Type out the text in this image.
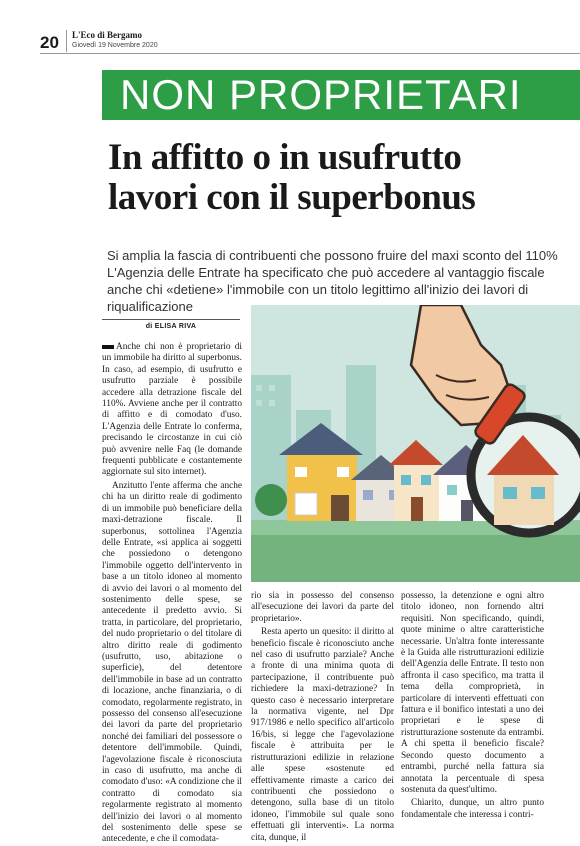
20 L'Eco di Bergamo
Giovedì 19 Novembre 2020
NON PROPRIETARI
In affitto o in usufrutto
lavori con il superbonus
Si amplia la fascia di contribuenti che possono fruire del maxi sconto del 110% L'Agenzia delle Entrate ha specificato che può accedere al vantaggio fiscale anche chi «detiene» l'immobile con un titolo legittimo all'inizio dei lavori di riqualificazione
di ELISA RIVA

Anche chi non è proprietario di un immobile ha diritto al superbonus. In caso, ad esempio, di usufrutto e usufrutto parziale è possibile accedere alla detrazione fiscale del 110%. Avviene anche per il contratto di affitto e di comodato d'uso. L'Agenzia delle Entrate lo conferma, precisando le circostanze in cui ciò può avvenire nelle Faq (le domande frequenti pubblicate e costantemente aggiornate sul sito internet).

Anzitutto l'ente afferma che anche chi ha un diritto reale di godimento di un immobile può beneficiare della maxi-detrazione fiscale. Il superbonus, sottolinea l'Agenzia delle Entrate, «si applica ai soggetti che possiedono o detengono l'immobile oggetto dell'intervento in base a un titolo idoneo al momento di avvio dei lavori o al momento del sostenimento delle spese, se antecedente il predetto avvio. Si tratta, in particolare, del proprietario, del nudo proprietario o del titolare di altro diritto reale di godimento (usufrutto, uso, abitazione o superficie), del detentore dell'immobile in base ad un contratto di locazione, anche finanziaria, o di comodato, regolarmente registrato, in possesso del consenso all'esecuzione dei lavori da parte del proprietario nonché dei familiari del possessore o detentore dell'immobile. Quindi, l'agevolazione fiscale è riconosciuta in caso di usufrutto, ma anche di comodato d'uso: «A condizione che il contratto di comodato sia regolarmente registrato al momento dell'inizio dei lavori o al momento del sostenimento delle spese se antecedente, e che il comodata-

rio sia in possesso del consenso all'esecuzione dei lavori da parte del proprietario».

Resta aperto un quesito: il diritto al beneficio fiscale è riconosciuto anche nel caso di usufrutto parziale? Anche a fronte di una minima quota di partecipazione, il contribuente può richiedere la maxi-detrazione? In questo caso è necessario interpretare la normativa vigente, nel Dpr 917/1986 e nello specifico all'articolo 16/bis, si legge che l'agevolazione fiscale è attribuita per le ristrutturazioni edilizie in relazione alle spese «sostenute ed effettivamente rimaste a carico dei contribuenti che possiedono o detengono, sulla base di un titolo idoneo, l'immobile sul quale sono effettuati gli interventi». La norma cita, dunque, il

possesso, la detenzione e ogni altro titolo idoneo, non fornendo altri requisiti. Non specificando, quindi, quote minime o altre caratteristiche necessarie. Un'altra fonte interessante è la Guida alle ristrutturazioni edilizie dell'Agenzia delle Entrate. Il testo non affronta il caso specifico, ma tratta il tema della comproprietà, in particolare di interventi effettuati con fattura e il bonifico intestati a uno dei proprietari e le spese di ristrutturazione sostenute da entrambi. A chi spetta il beneficio fiscale? Secondo questo documento a entrambi, purché nella fattura sia annotata la percentuale di spesa sostenuta da quest'ultimo.

Chiarito, dunque, un altro punto fondamentale che interessa i contri-
